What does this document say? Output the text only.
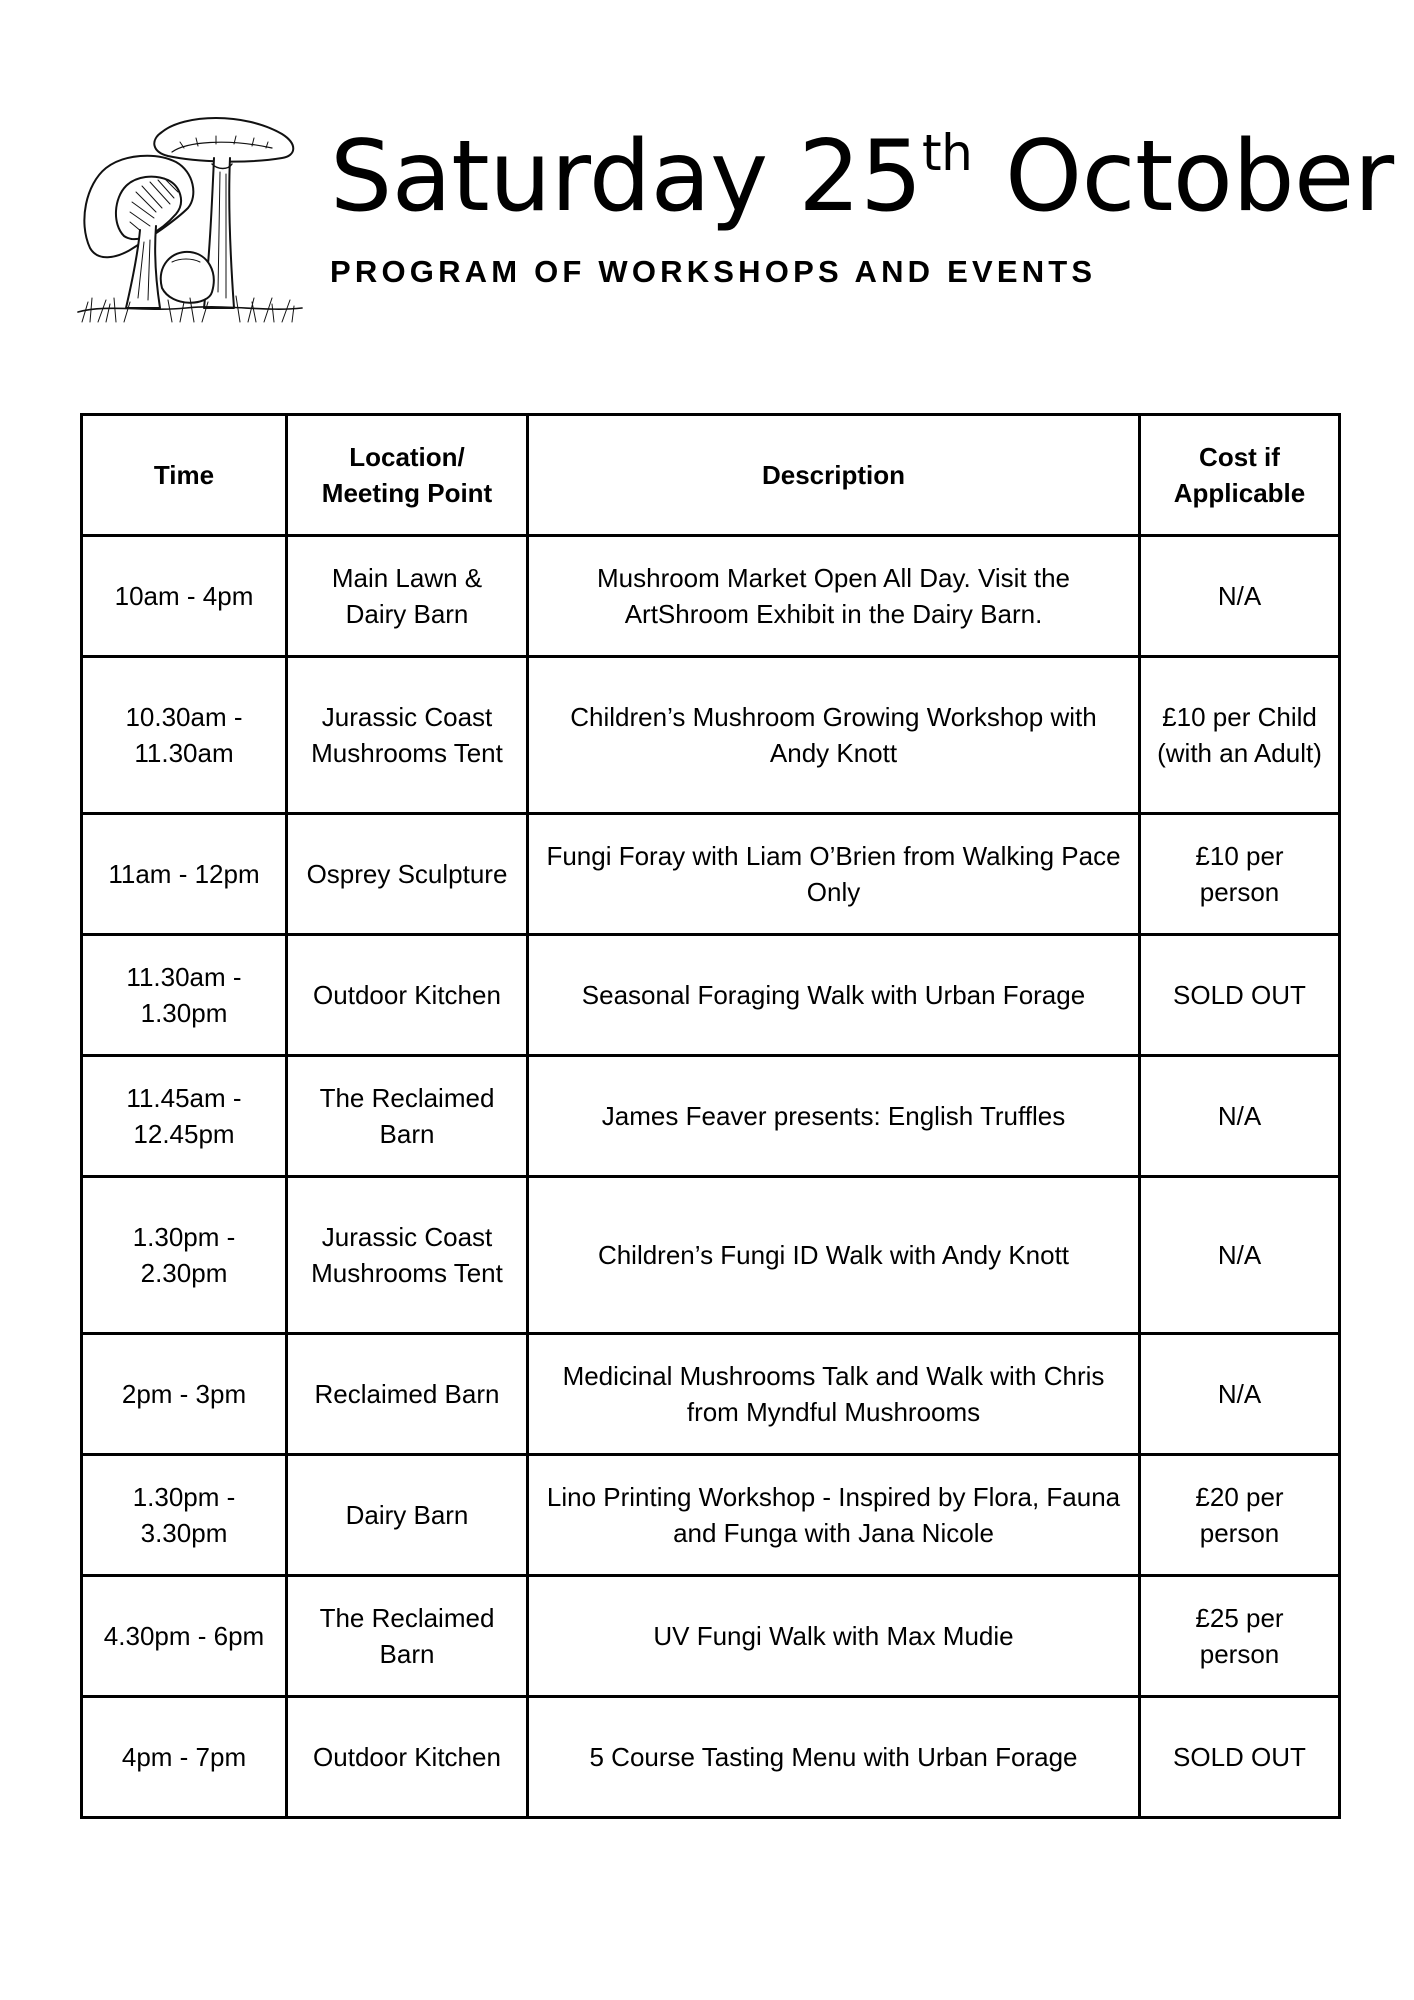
Saturday 25th October
PROGRAM OF WORKSHOPS AND EVENTS
Time	Location/ Meeting Point	Description	Cost if Applicable
10am - 4pm	Main Lawn & Dairy Barn	Mushroom Market Open All Day. Visit the ArtShroom Exhibit in the Dairy Barn.	N/A
10.30am - 11.30am	Jurassic Coast Mushrooms Tent	Children’s Mushroom Growing Workshop with Andy Knott	£10 per Child (with an Adult)
11am - 12pm	Osprey Sculpture	Fungi Foray with Liam O’Brien from Walking Pace Only	£10 per person
11.30am - 1.30pm	Outdoor Kitchen	Seasonal Foraging Walk with Urban Forage	SOLD OUT
11.45am - 12.45pm	The Reclaimed Barn	James Feaver presents: English Truffles	N/A
1.30pm - 2.30pm	Jurassic Coast Mushrooms Tent	Children’s Fungi ID Walk with Andy Knott	N/A
2pm - 3pm	Reclaimed Barn	Medicinal Mushrooms Talk and Walk with Chris from Myndful Mushrooms	N/A
1.30pm - 3.30pm	Dairy Barn	Lino Printing Workshop - Inspired by Flora, Fauna and Funga with Jana Nicole	£20 per person
4.30pm - 6pm	The Reclaimed Barn	UV Fungi Walk with Max Mudie	£25 per person
4pm - 7pm	Outdoor Kitchen	5 Course Tasting Menu with Urban Forage	SOLD OUT
